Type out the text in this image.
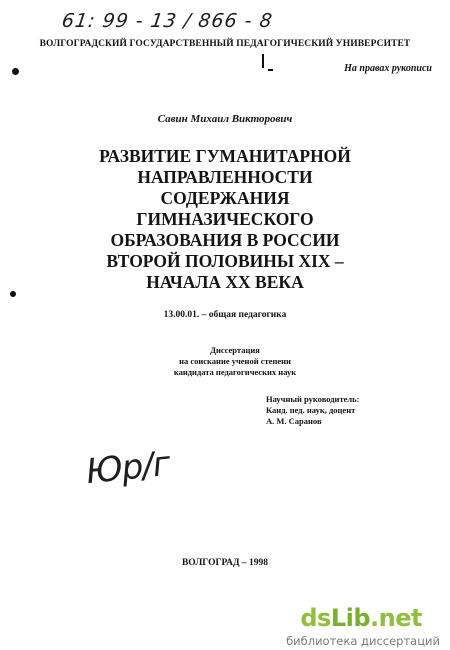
61: 99 - 13 / 866 - 8
ВОЛГОГРАДСКИЙ ГОСУДАРСТВЕННЫЙ ПЕДАГОГИЧЕСКИЙ УНИВЕРСИТЕТ
На правах рукописи
Савин Михаил Викторович
РАЗВИТИЕ ГУМАНИТАРНОЙ
НАПРАВЛЕННОСТИ
СОДЕРЖАНИЯ
ГИМНАЗИЧЕСКОГО
ОБРАЗОВАНИЯ В РОССИИ
ВТОРОЙ ПОЛОВИНЫ XIX –
НАЧАЛА XX ВЕКА
13.00.01. – общая педагогика
Диссертация
на соискание ученой степени
кандидата педагогических наук
Научный руководитель:
Канд. пед. наук, доцент
А. М. Саранов
Юр/г
ВОЛГОГРАД – 1998
dsLib.net
библиотека диссертаций
